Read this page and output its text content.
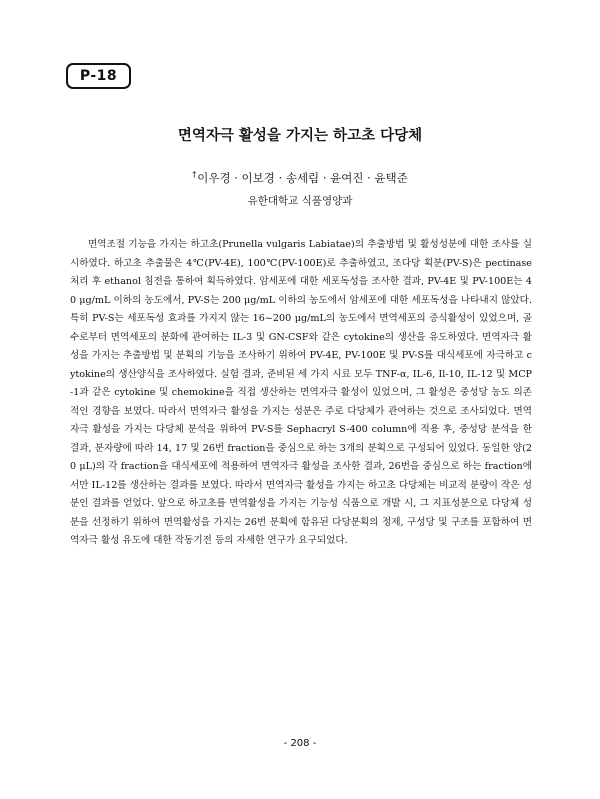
P-18
면역자극 활성을 가지는 하고초 다당체
†이우경 · 이보경 · 송세림 · 윤여진 · 윤택준
유한대학교 식품영양과

면역조절 기능을 가지는 하고초(Prunella vulgaris Labiatae)의 추출방법 및 활성성분에 대한 조사를 실시하였다. 하고초 추출물은 4℃(PV-4E), 100℃(PV-100E)로 추출하였고, 조다당 획분(PV-S)은 pectinase 처리 후 ethanol 침전을 통하여 획득하였다. 암세포에 대한 세포독성을 조사한 결과, PV-4E 및 PV-100E는 40 μg/mL 이하의 농도에서, PV-S는 200 μg/mL 이하의 농도에서 암세포에 대한 세포독성을 나타내지 않았다. 특히 PV-S는 세포독성 효과를 가지지 않는 16~200 μg/mL의 농도에서 면역세포의 증식활성이 있었으며, 골수로부터 면역세포의 분화에 관여하는 IL-3 및 GN-CSF와 같은 cytokine의 생산을 유도하였다. 면역자극 활성을 가지는 추출방법 및 분획의 기능을 조사하기 위하여 PV-4E, PV-100E 및 PV-S를 대식세포에 자극하고 cytokine의 생산양식을 조사하였다. 실험 결과, 준비된 세 가지 시료 모두 TNF-α, IL-6, Il-10, IL-12 및 MCP-1과 같은 cytokine 및 chemokine을 직접 생산하는 면역자극 활성이 있었으며, 그 활성은 중성당 농도 의존적인 경향을 보였다. 따라서 면역자극 활성을 가지는 성분은 주로 다당체가 관여하는 것으로 조사되었다. 면역자극 활성을 가지는 다당체 분석을 위하여 PV-S를 Sephacryl S-400 column에 적용 후, 중성당 분석을 한 결과, 분자량에 따라 14, 17 및 26번 fraction을 중심으로 하는 3개의 분획으로 구성되어 있었다. 동일한 양(20 μL)의 각 fraction을 대식세포에 적용하여 면역자극 활성을 조사한 결과, 26번을 중심으로 하는 fraction에서만 IL-12를 생산하는 결과를 보였다. 따라서 면역자극 활성을 가지는 하고초 다당체는 비교적 분량이 작은 성분인 결과를 얻었다. 앞으로 하고초를 면역활성을 가지는 기능성 식품으로 개발 시, 그 지표성분으로 다당체 성분을 선정하기 위하여 면역활성을 가지는 26번 분획에 함유된 다당분획의 정제, 구성당 및 구조를 포함하여 면역자극 활성 유도에 대한 작동기전 등의 자세한 연구가 요구되었다.

- 208 -
